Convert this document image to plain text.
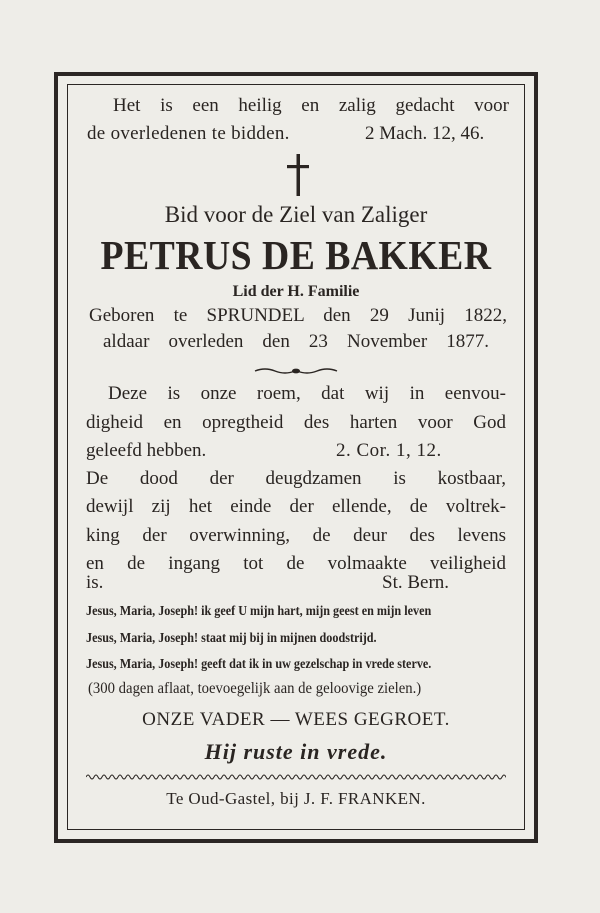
Het is een heilig en zalig gedacht voor
de overledenen te bidden.	2 Mach. 12, 46.
Bid voor de Ziel van Zaliger
PETRUS DE BAKKER
Lid der H. Familie
Geboren te SPRUNDEL den 29 Junij 1822,
aldaar overleden den 23 November 1877.
Deze is onze roem, dat wij in eenvou-
digheid en opregtheid des harten voor God
geleefd hebben.	2. Cor. 1, 12.
De dood der deugdzamen is kostbaar,
dewijl zij het einde der ellende, de voltrek-
king der overwinning, de deur des levens
en de ingang tot de volmaakte veiligheid
is.	St. Bern.
Jesus, Maria, Joseph! ik geef U mijn hart, mijn geest en mijn leven
Jesus, Maria, Joseph! staat mij bij in mijnen doodstrijd.
Jesus, Maria, Joseph! geeft dat ik in uw gezelschap in vrede sterve.
(300 dagen aflaat, toevoegelijk aan de geloovige zielen.)
ONZE VADER — WEES GEGROET.
Hij ruste in vrede.
Te Oud-Gastel, bij J. F. FRANKEN.
